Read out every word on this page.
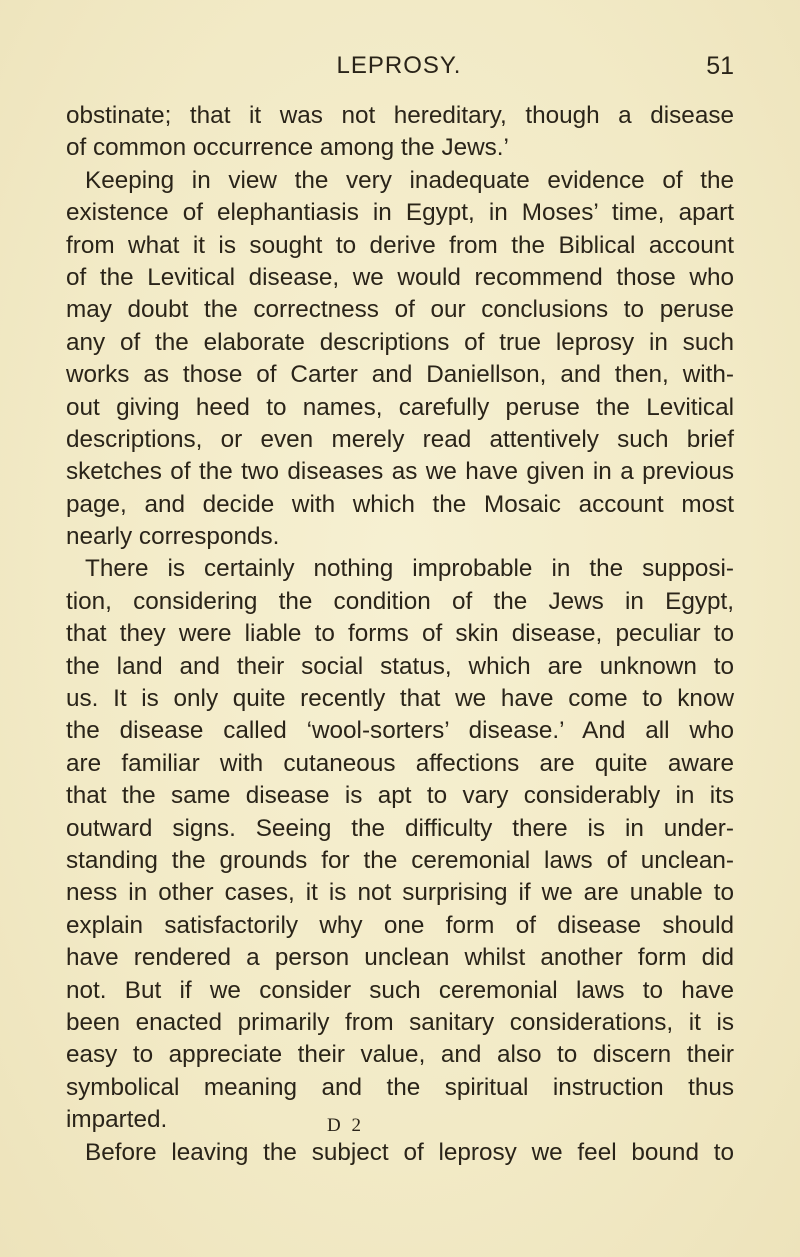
LEPROSY.	51
obstinate; that it was not hereditary, though a disease
of common occurrence among the Jews.’
Keeping in view the very inadequate evidence of the
existence of elephantiasis in Egypt, in Moses’ time, apart
from what it is sought to derive from the Biblical account
of the Levitical disease, we would recommend those who
may doubt the correctness of our conclusions to peruse
any of the elaborate descriptions of true leprosy in such
works as those of Carter and Daniellson, and then, with-
out giving heed to names, carefully peruse the Levitical
descriptions, or even merely read attentively such brief
sketches of the two diseases as we have given in a previous
page, and decide with which the Mosaic account most
nearly corresponds.
There is certainly nothing improbable in the supposi-
tion, considering the condition of the Jews in Egypt,
that they were liable to forms of skin disease, peculiar to
the land and their social status, which are unknown to
us. It is only quite recently that we have come to know
the disease called ‘wool-sorters’ disease.’ And all who
are familiar with cutaneous affections are quite aware
that the same disease is apt to vary considerably in its
outward signs. Seeing the difficulty there is in under-
standing the grounds for the ceremonial laws of unclean-
ness in other cases, it is not surprising if we are unable to
explain satisfactorily why one form of disease should
have rendered a person unclean whilst another form did
not. But if we consider such ceremonial laws to have
been enacted primarily from sanitary considerations, it is
easy to appreciate their value, and also to discern their
symbolical meaning and the spiritual instruction thus
imparted.
Before leaving the subject of leprosy we feel bound to
D 2
